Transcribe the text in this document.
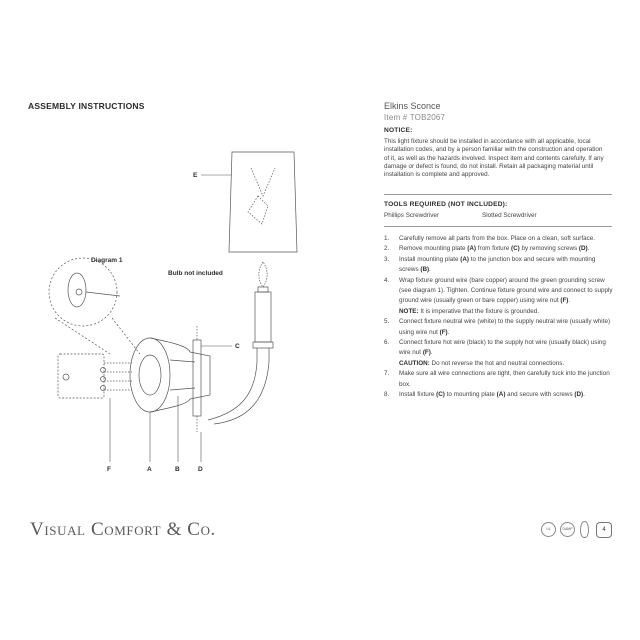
ASSEMBLY INSTRUCTIONS
E
Bulb not included
C
Diagram 1
F	A	B	D
Elkins Sconce
Item # TOB2067
NOTICE:
This light fixture should be installed in accordance with all applicable, local installation codes, and by a person familiar with the construction and operation of it, as well as the hazards involved. Inspect item and contents carefully. If any damage or defect is found, do not install. Retain all packaging material until installation is complete and approved.
TOOLS REQUIRED (NOT INCLUDED):
Phillips Screwdriver	Slotted Screwdriver
1.	Carefully remove all parts from the box. Place on a clean, soft surface.
2.	Remove mounting plate (A) from fixture (C) by removing screws (D).
3.	Install mounting plate (A) to the junction box and secure with mounting screws (B).
4.	Wrap fixture ground wire (bare copper) around the green grounding screw (see diagram 1). Tighten. Continue fixture ground wire and connect to supply ground wire (usually green or bare copper) using wire nut (F).
NOTE: It is imperative that the fixture is grounded.
5.	Connect fixture neutral wire (white) to the supply neutral wire (usually white) using wire nut (F).
6.	Connect fixture hot wire (black) to the supply hot wire (usually black) using wire nut (F).
CAUTION: Do not reverse the hot and neutral connections.
7.	Make sure all wire connections are tight, then carefully tuck into the junction box.
8.	Install fixture (C) to mounting plate (A) and secure with screws (D).
Visual Comfort & Co.	UL	DAMP	4
